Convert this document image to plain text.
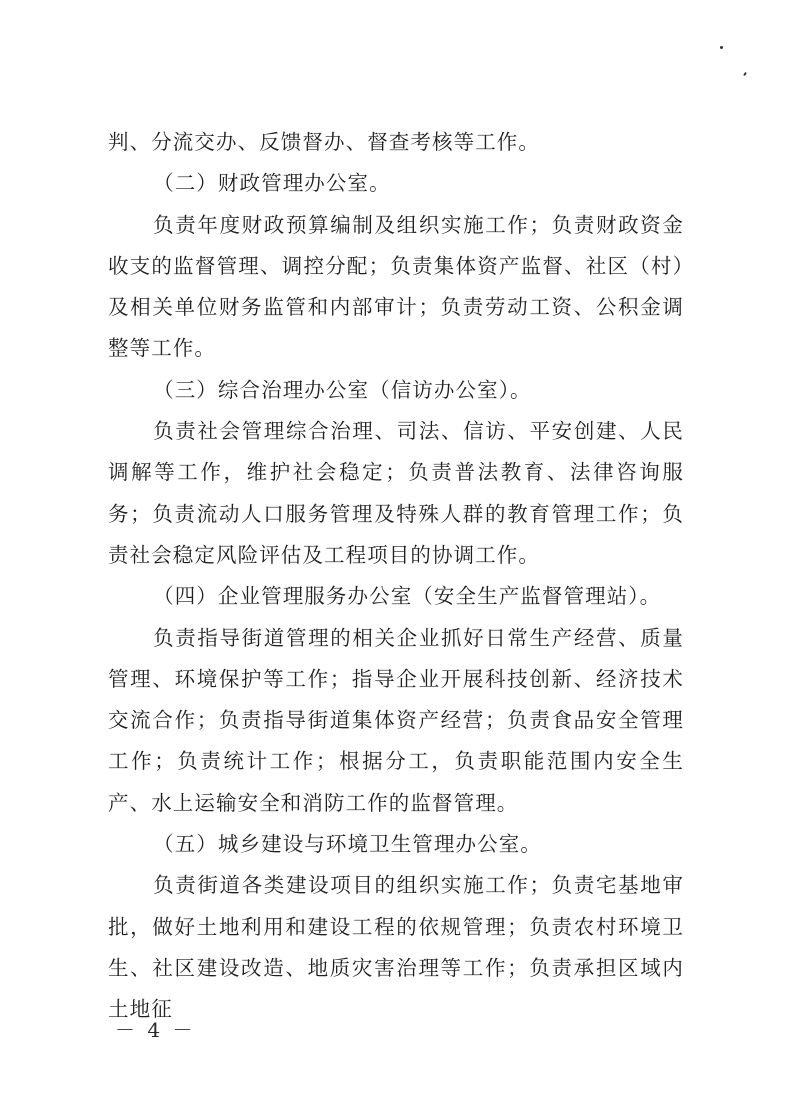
判、分流交办、反馈督办、督查考核等工作。

（二）财政管理办公室。

负责年度财政预算编制及组织实施工作；负责财政资金收支的监督管理、调控分配；负责集体资产监督、社区（村）及相关单位财务监管和内部审计；负责劳动工资、公积金调整等工作。

（三）综合治理办公室（信访办公室）。

负责社会管理综合治理、司法、信访、平安创建、人民调解等工作，维护社会稳定；负责普法教育、法律咨询服务；负责流动人口服务管理及特殊人群的教育管理工作；负责社会稳定风险评估及工程项目的协调工作。

（四）企业管理服务办公室（安全生产监督管理站）。

负责指导街道管理的相关企业抓好日常生产经营、质量管理、环境保护等工作；指导企业开展科技创新、经济技术交流合作；负责指导街道集体资产经营；负责食品安全管理工作；负责统计工作；根据分工，负责职能范围内安全生产、水上运输安全和消防工作的监督管理。

（五）城乡建设与环境卫生管理办公室。

负责街道各类建设项目的组织实施工作；负责宅基地审批，做好土地利用和建设工程的依规管理；负责农村环境卫生、社区建设改造、地质灾害治理等工作；负责承担区域内土地征

－ 4 －
